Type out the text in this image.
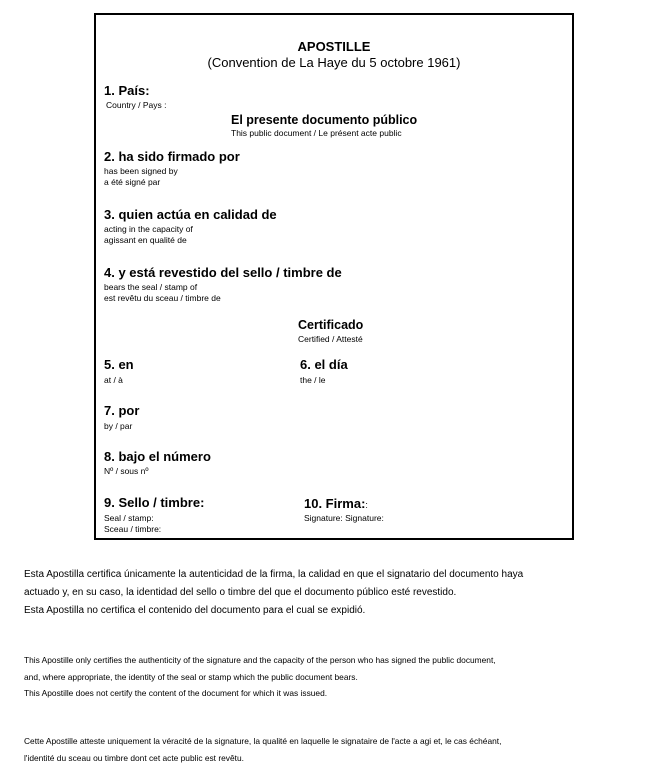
APOSTILLE
(Convention de La Haye du 5 octobre 1961)
1. País:
Country / Pays :
El presente documento público
This public document / Le présent acte public
2. ha sido firmado por
has been signed by
a été signé par
3. quien actúa en calidad de
acting in the capacity of
agissant en qualité de
4. y está revestido del sello / timbre de
bears the seal / stamp of
est revêtu du sceau / timbre de
Certificado
Certified / Attesté
5. en
at / à
6. el día
the / le
7. por
by / par
8. bajo el número
Nº / sous nº
9. Sello / timbre:
Seal / stamp:
Sceau / timbre:
10. Firma::
Signature: Signature:
Esta Apostilla certifica únicamente la autenticidad de la firma, la calidad en que el signatario del documento haya
actuado y, en su caso, la identidad del sello o timbre del que el documento público esté revestido.
Esta Apostilla no certifica el contenido del documento para el cual se expidió.
This Apostille only certifies the authenticity of the signature and the capacity of the person who has signed the public document,
and, where appropriate, the identity of the seal or stamp which the public document bears.
This Apostille does not certify the content of the document for which it was issued.
Cette Apostille atteste uniquement la véracité de la signature, la qualité en laquelle le signataire de l'acte a agi et, le cas échéant,
l'identité du sceau ou timbre dont cet acte public est revêtu.
